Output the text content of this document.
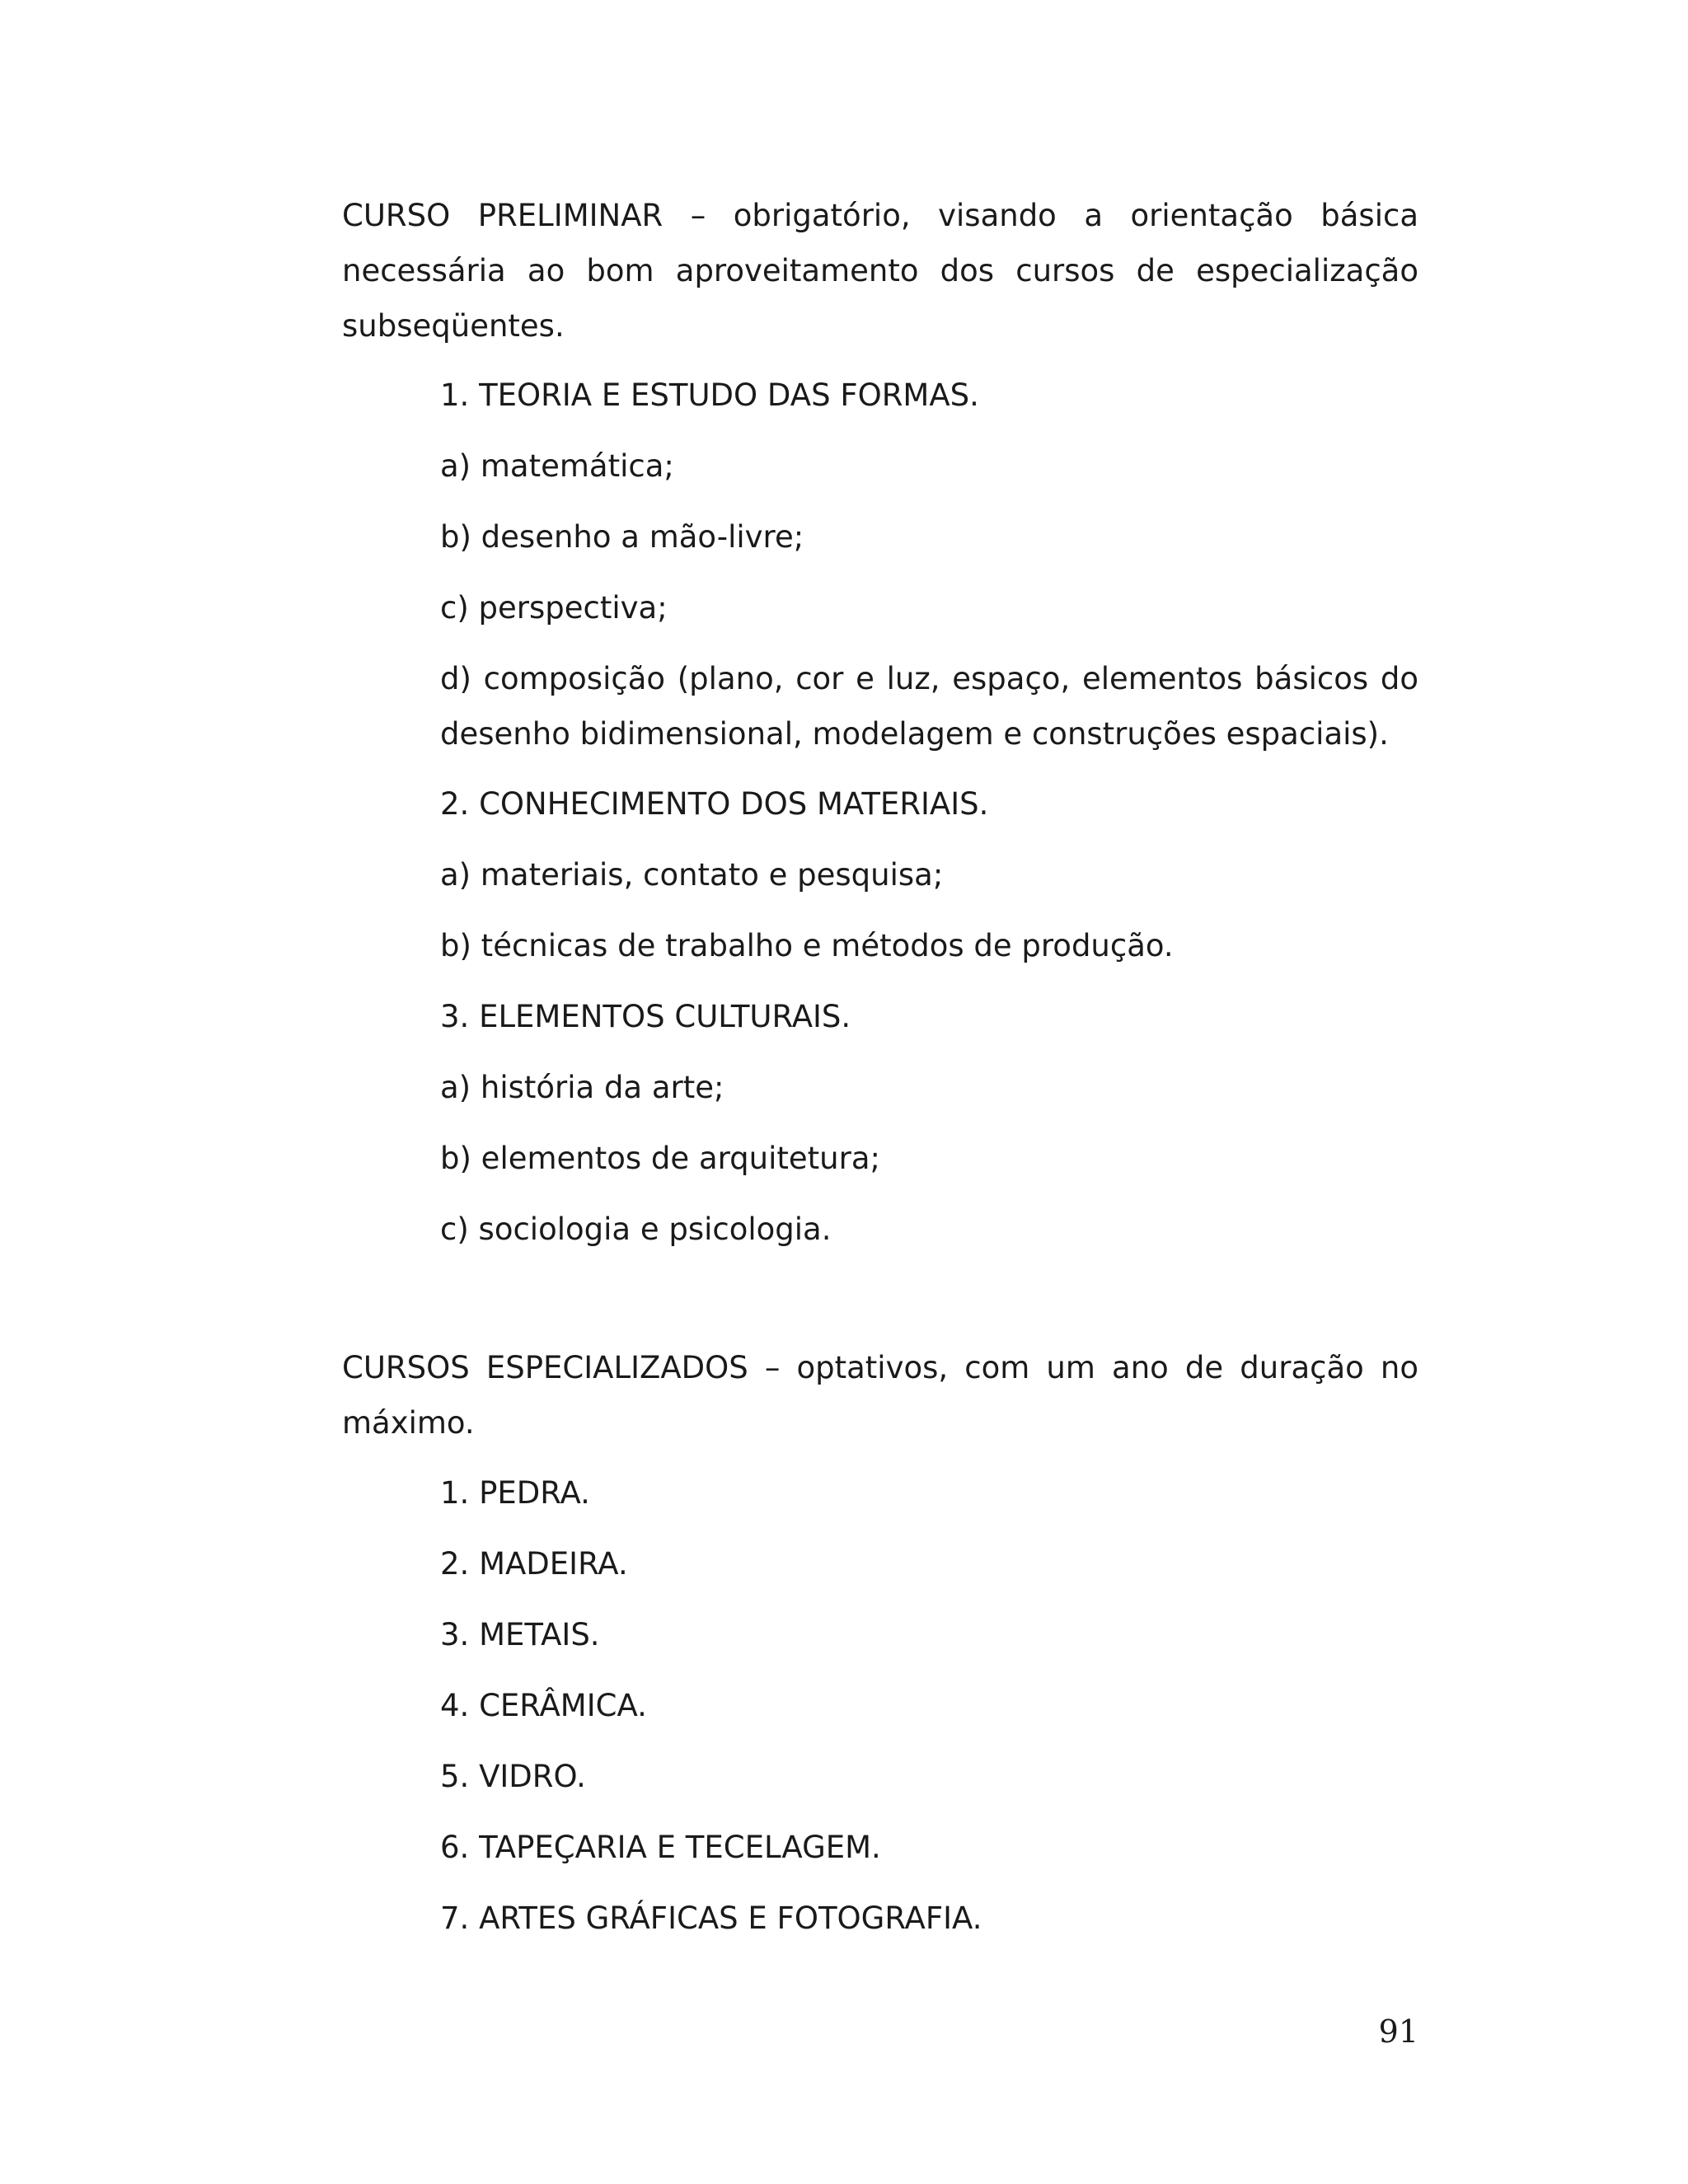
CURSO PRELIMINAR – obrigatório, visando a orientação básica necessária ao bom aproveitamento dos cursos de especialização subseqüentes.

1. TEORIA E ESTUDO DAS FORMAS.

a) matemática;

b) desenho a mão-livre;

c) perspectiva;

d) composição (plano, cor e luz, espaço, elementos básicos do desenho bidimensional, modelagem e construções espaciais).

2. CONHECIMENTO DOS MATERIAIS.

a) materiais, contato e pesquisa;

b) técnicas de trabalho e métodos de produção.

3. ELEMENTOS CULTURAIS.

a) história da arte;

b) elementos de arquitetura;

c) sociologia e psicologia.

CURSOS ESPECIALIZADOS – optativos, com um ano de duração no máximo.

1. PEDRA.

2. MADEIRA.

3. METAIS.

4. CERÂMICA.

5. VIDRO.

6. TAPEÇARIA E TECELAGEM.

7. ARTES GRÁFICAS E FOTOGRAFIA.

91
